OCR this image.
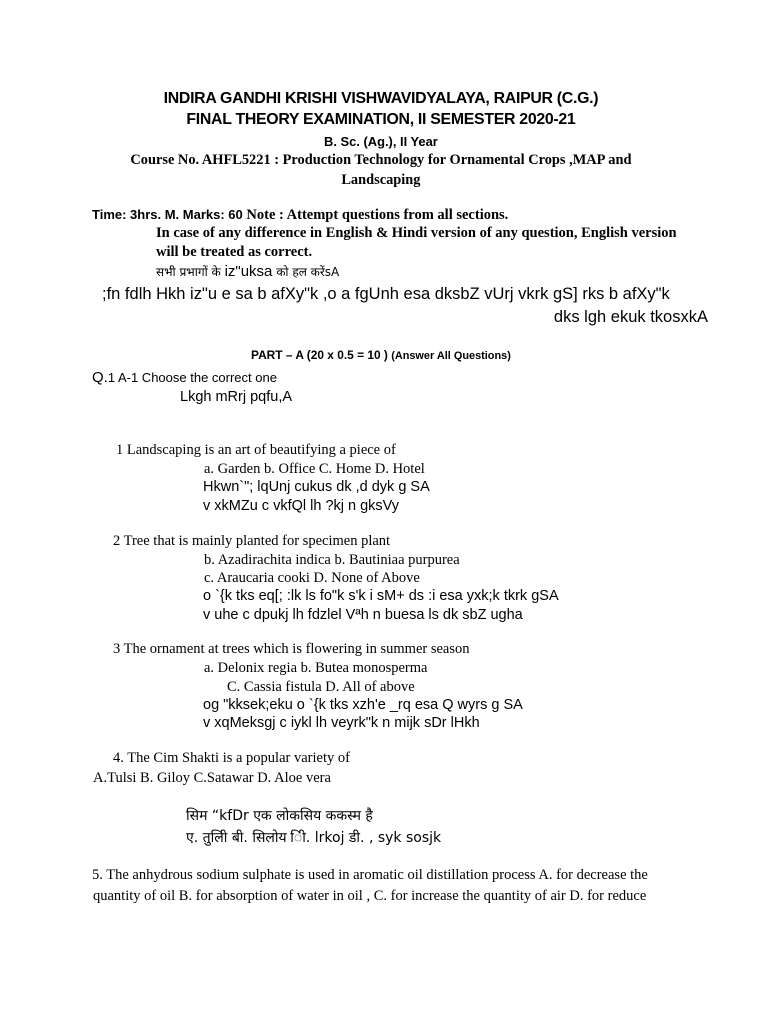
INDIRA GANDHI KRISHI VISHWAVIDYALAYA, RAIPUR (C.G.)
FINAL THEORY EXAMINATION, II SEMESTER 2020-21
B. Sc. (Ag.), II Year
Course No. AHFL5221 : Production Technology for Ornamental Crops ,MAP and
Landscaping
Time: 3hrs. M. Marks: 60 Note : Attempt questions from all sections.
In case of any difference in English & Hindi version of any question, English version
will be treated as correct.
सभी प्रभागों के iz"uksa को हल करेंsA
;fn fdlh Hkh iz"u e sa b afXy"k ,o a fgUnh esa dksbZ vUrj vkrk gS] rks b afXy"k
dks lgh ekuk tkosxkA
PART – A (20 x 0.5 = 10 ) (Answer All Questions)
Q.1 A-1 Choose the correct one
Lkgh mRrj pqfu,A
1 Landscaping is an art of beautifying a piece of
a. Garden b. Office C. Home D. Hotel
Hkwn`"; lqUnj cukus dk ,d dyk g SA
v xkMZu c vkfQl lh ?kj n gksVy
2 Tree that is mainly planted for specimen plant
b. Azadirachita indica b. Bautiniaa purpurea
c. Araucaria cooki D. None of Above
o `{k tks eq[; :lk ls fo"k s'k i sM+ ds :i esa yxk;k tkrk gSA
v uhe c dpukj lh fdzlel Vªh n buesa ls dk sbZ ugha
3 The ornament at trees which is flowering in summer season
a. Delonix regia b. Butea monosperma
C. Cassia fistula D. All of above
og "kksek;eku o `{k tks xzh'e _rq esa Q wyrs g SA
v xqMeksgj c iykl lh veyrk"k n mijk sDr lHkh
4. The Cim Shakti is a popular variety of
A.Tulsi B. Giloy C.Satawar D. Aloe vera
सिम “kfDr एक लोकसिय ककस्म है
ए. तुलिी बी. सिलोय िी. lrkoj डी. , syk sosjk
5. The anhydrous sodium sulphate is used in aromatic oil distillation process A. for decrease the
quantity of oil B. for absorption of water in oil , C. for increase the quantity of air D. for reduce
